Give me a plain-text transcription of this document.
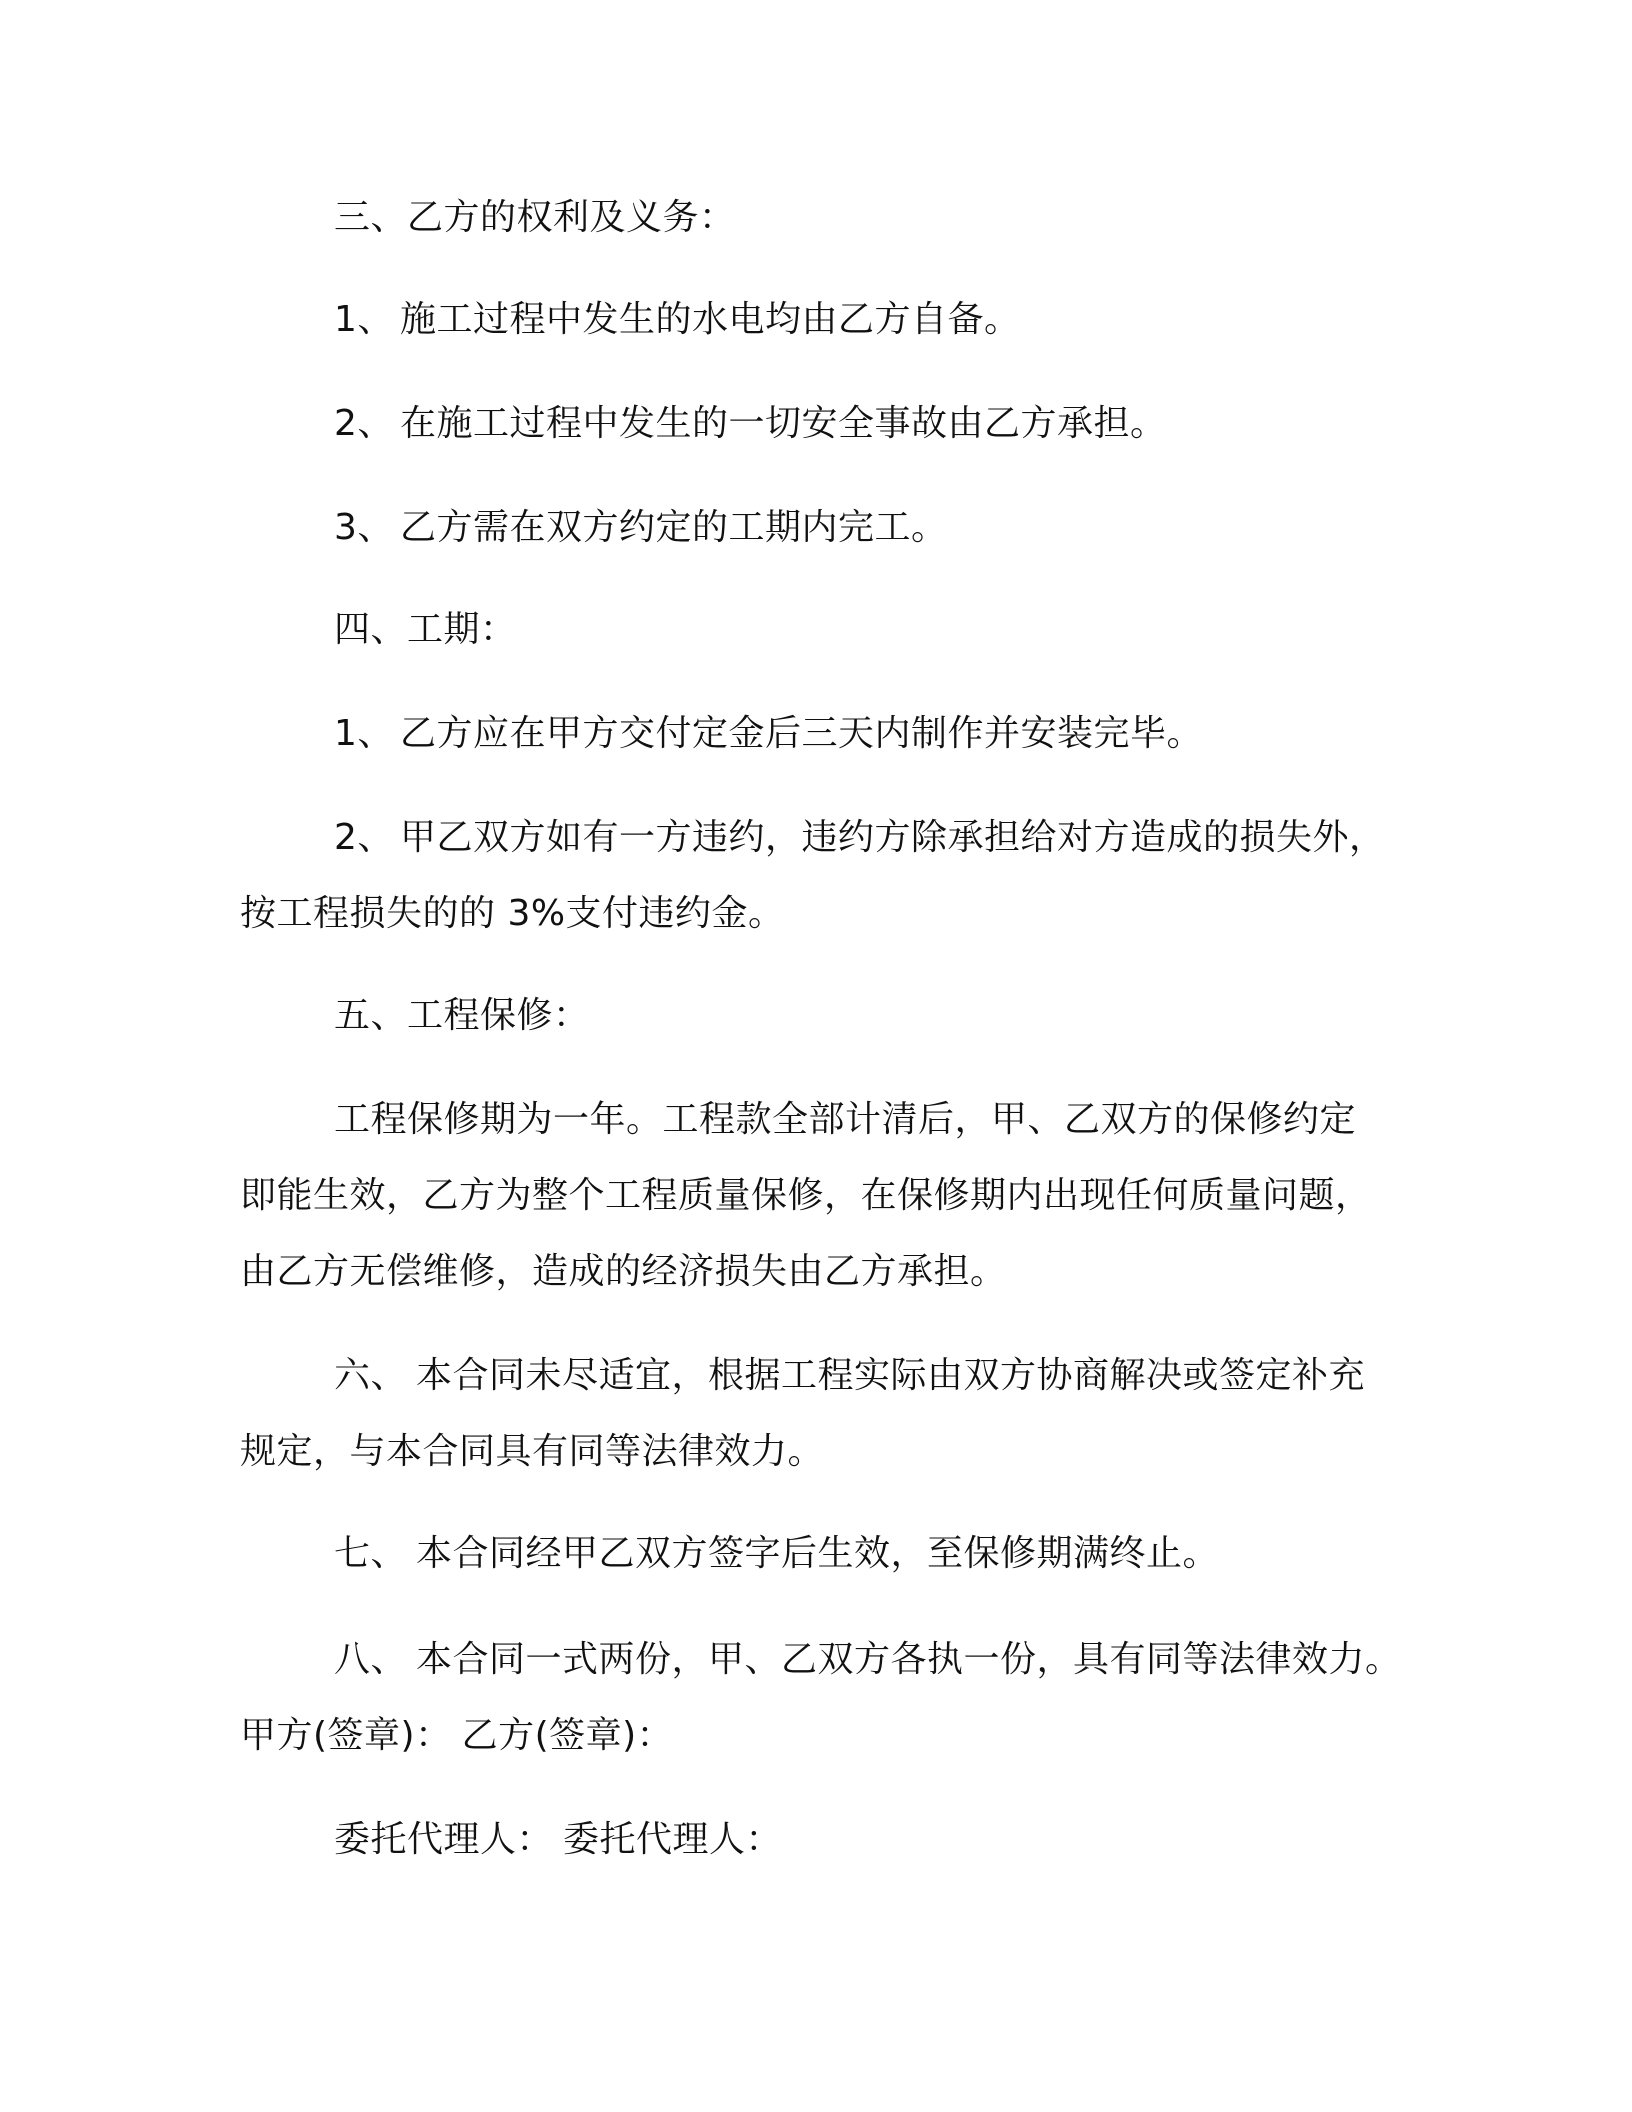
三、乙方的权利及义务：
1、 施工过程中发生的水电均由乙方自备。
2、 在施工过程中发生的一切安全事故由乙方承担。
3、 乙方需在双方约定的工期内完工。
四、工期：
1、 乙方应在甲方交付定金后三天内制作并安装完毕。
2、 甲乙双方如有一方违约，违约方除承担给对方造成的损失外，
按工程损失的的 3%支付违约金。
五、工程保修：
工程保修期为一年。工程款全部计清后，甲、乙双方的保修约定
即能生效，乙方为整个工程质量保修，在保修期内出现任何质量问题，
由乙方无偿维修，造成的经济损失由乙方承担。
六、 本合同未尽适宜，根据工程实际由双方协商解决或签定补充
规定，与本合同具有同等法律效力。
七、 本合同经甲乙双方签字后生效，至保修期满终止。
八、 本合同一式两份，甲、乙双方各执一份，具有同等法律效力。
甲方(签章)： 乙方(签章)：
委托代理人： 委托代理人：
